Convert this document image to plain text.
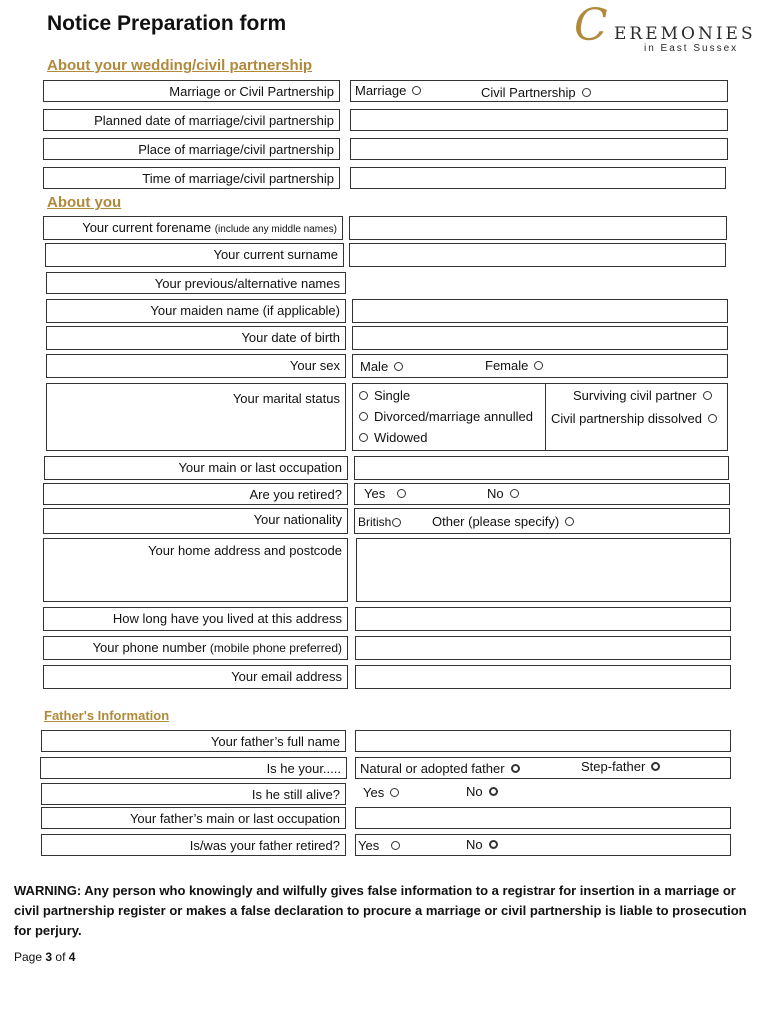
Notice Preparation form	C EREMONIES
in East Sussex
About your wedding/civil partnership
Marriage or Civil Partnership	Marriage	Civil Partnership
Planned date of marriage/civil partnership
Place of marriage/civil partnership
Time of marriage/civil partnership
About you
Your current forename (include any middle names)
Your current surname
Your previous/alternative names
Your maiden name (if applicable)
Your date of birth
Your sex	Male	Female
Your marital status	Single
Divorced/marriage annulled
Widowed
Surviving civil partner
Civil partnership dissolved
Your main or last occupation
Are you retired?	Yes	No
Your nationality	British	Other (please specify)
Your home address and postcode
How long have you lived at this address
Your phone number (mobile phone preferred)
Your email address
Father's Information
Your father’s full name
Is he your.....	Natural or adopted father	Step-father
Is he still alive?	Yes	No
Your father’s main or last occupation
Is/was your father retired?	Yes	No
WARNING: Any person who knowingly and wilfully gives false information to a registrar for insertion in a marriage or civil partnership register or makes a false declaration to procure a marriage or civil partnership is liable to prosecution for perjury.
Page 3 of 4
